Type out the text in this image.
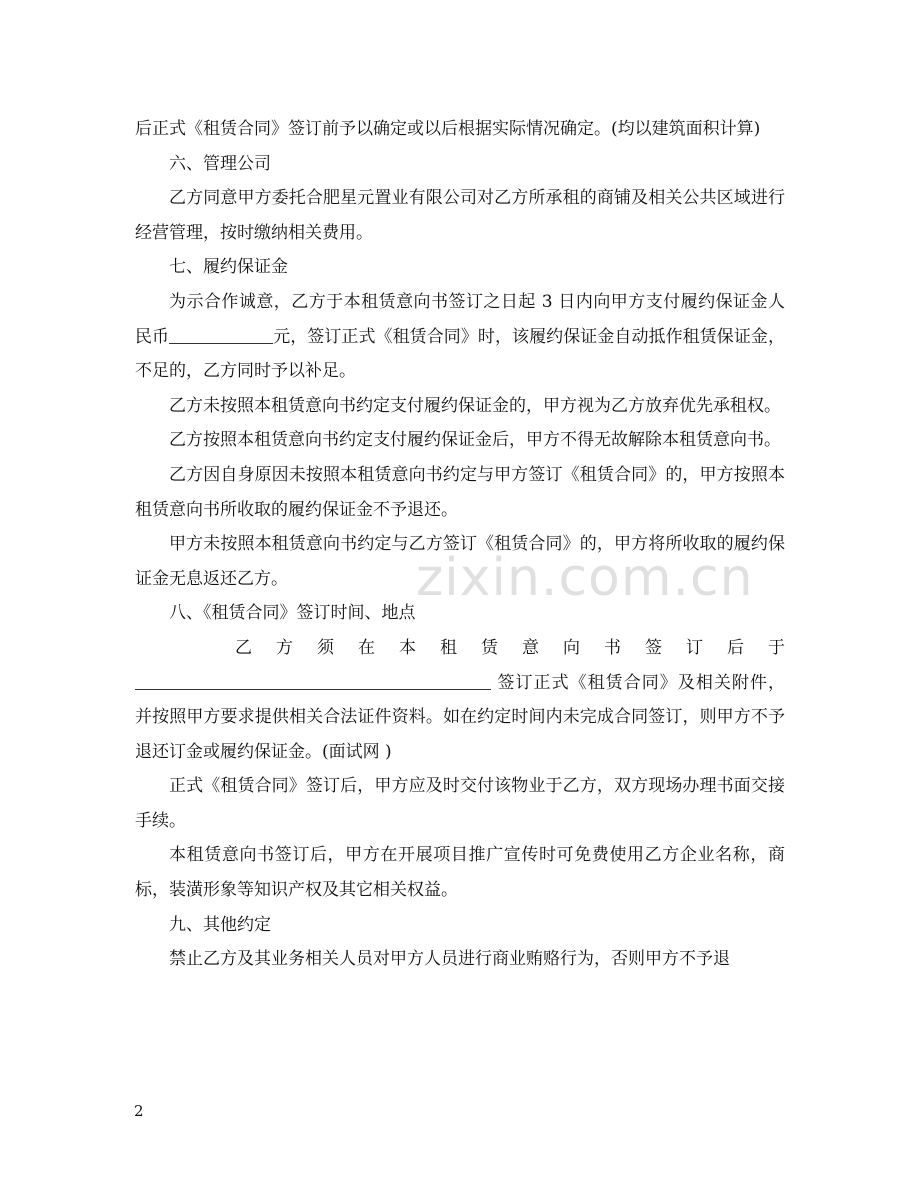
后正式《租赁合同》签订前予以确定或以后根据实际情况确定。(均以建筑面积计算)

六、管理公司

乙方同意甲方委托合肥星元置业有限公司对乙方所承租的商铺及相关公共区域进行经营管理，按时缴纳相关费用。

七、履约保证金

为示合作诚意，乙方于本租赁意向书签订之日起 3 日内向甲方支付履约保证金人民币	元，签订正式《租赁合同》时，该履约保证金自动抵作租赁保证金，不足的，乙方同时予以补足。

乙方未按照本租赁意向书约定支付履约保证金的，甲方视为乙方放弃优先承租权。

乙方按照本租赁意向书约定支付履约保证金后，甲方不得无故解除本租赁意向书。

乙方因自身原因未按照本租赁意向书约定与甲方签订《租赁合同》的，甲方按照本租赁意向书所收取的履约保证金不予退还。

甲方未按照本租赁意向书约定与乙方签订《租赁合同》的，甲方将所收取的履约保证金无息返还乙方。

八、《租赁合同》签订时间、地点

乙 方 须 在 本 租 赁 意 向 书 签 订 后 于

签订正式《租赁合同》及相关附件，并按照甲方要求提供相关合法证件资料。如在约定时间内未完成合同签订，则甲方不予退还订金或履约保证金。(面试网 )

正式《租赁合同》签订后，甲方应及时交付该物业于乙方，双方现场办理书面交接手续。

本租赁意向书签订后，甲方在开展项目推广宣传时可免费使用乙方企业名称，商标，装潢形象等知识产权及其它相关权益。

九、其他约定

禁止乙方及其业务相关人员对甲方人员进行商业贿赂行为，否则甲方不予退

zixin.com.cn
2
